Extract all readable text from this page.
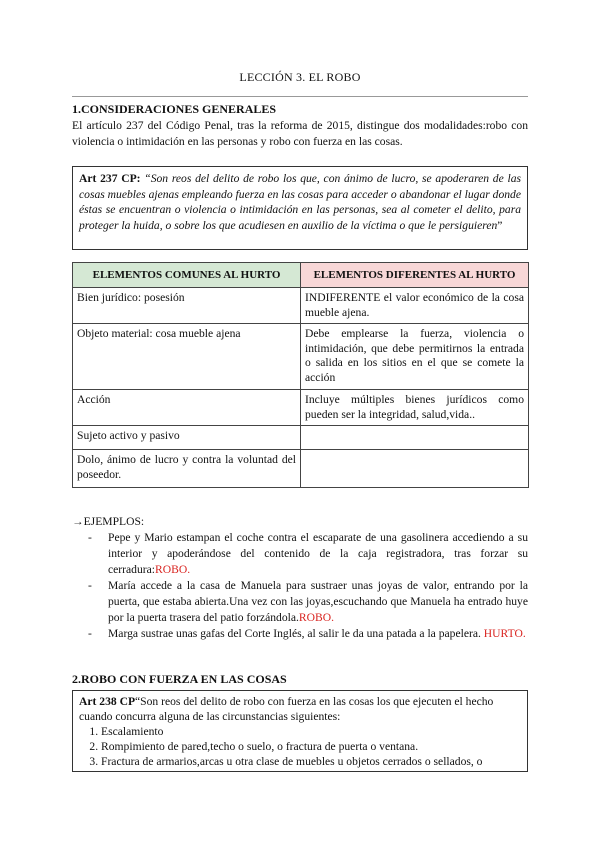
LECCIÓN 3. EL ROBO
1.CONSIDERACIONES GENERALES
El artículo 237 del Código Penal, tras la reforma de 2015, distingue dos modalidades:robo con violencia o intimidación en las personas y robo con fuerza en las cosas.
Art 237 CP: “Son reos del delito de robo los que, con ánimo de lucro, se apoderaren de las cosas muebles ajenas empleando fuerza en las cosas para acceder o abandonar el lugar donde éstas se encuentran o violencia o intimidación en las personas, sea al cometer el delito, para proteger la huida, o sobre los que acudiesen en auxilio de la víctima o que le persiguieren”
ELEMENTOS COMUNES AL HURTO	ELEMENTOS DIFERENTES AL HURTO
Bien jurídico: posesión	INDIFERENTE el valor económico de la cosa mueble ajena.
Objeto material: cosa mueble ajena	Debe emplearse la fuerza, violencia o intimidación, que debe permitirnos la entrada o salida en los sitios en el que se comete la acción
Acción	Incluye múltiples bienes jurídicos como pueden ser la integridad, salud,vida..
Sujeto activo y pasivo	
Dolo, ánimo de lucro y contra la voluntad del poseedor.	
→EJEMPLOS:
- Pepe y Mario estampan el coche contra el escaparate de una gasolinera accediendo a su interior y apoderándose del contenido de la caja registradora, tras forzar su cerradura:ROBO.
- María accede a la casa de Manuela para sustraer unas joyas de valor, entrando por la puerta, que estaba abierta.Una vez con las joyas,escuchando que Manuela ha entrado huye por la puerta trasera del patio forzándola.ROBO.
- Marga sustrae unas gafas del Corte Inglés, al salir le da una patada a la papelera. HURTO.
2.ROBO CON FUERZA EN LAS COSAS
Art 238 CP“Son reos del delito de robo con fuerza en las cosas los que ejecuten el hecho cuando concurra alguna de las circunstancias siguientes:
1. Escalamiento
2. Rompimiento de pared,techo o suelo, o fractura de puerta o ventana.
3. Fractura de armarios,arcas u otra clase de muebles u objetos cerrados o sellados, o
